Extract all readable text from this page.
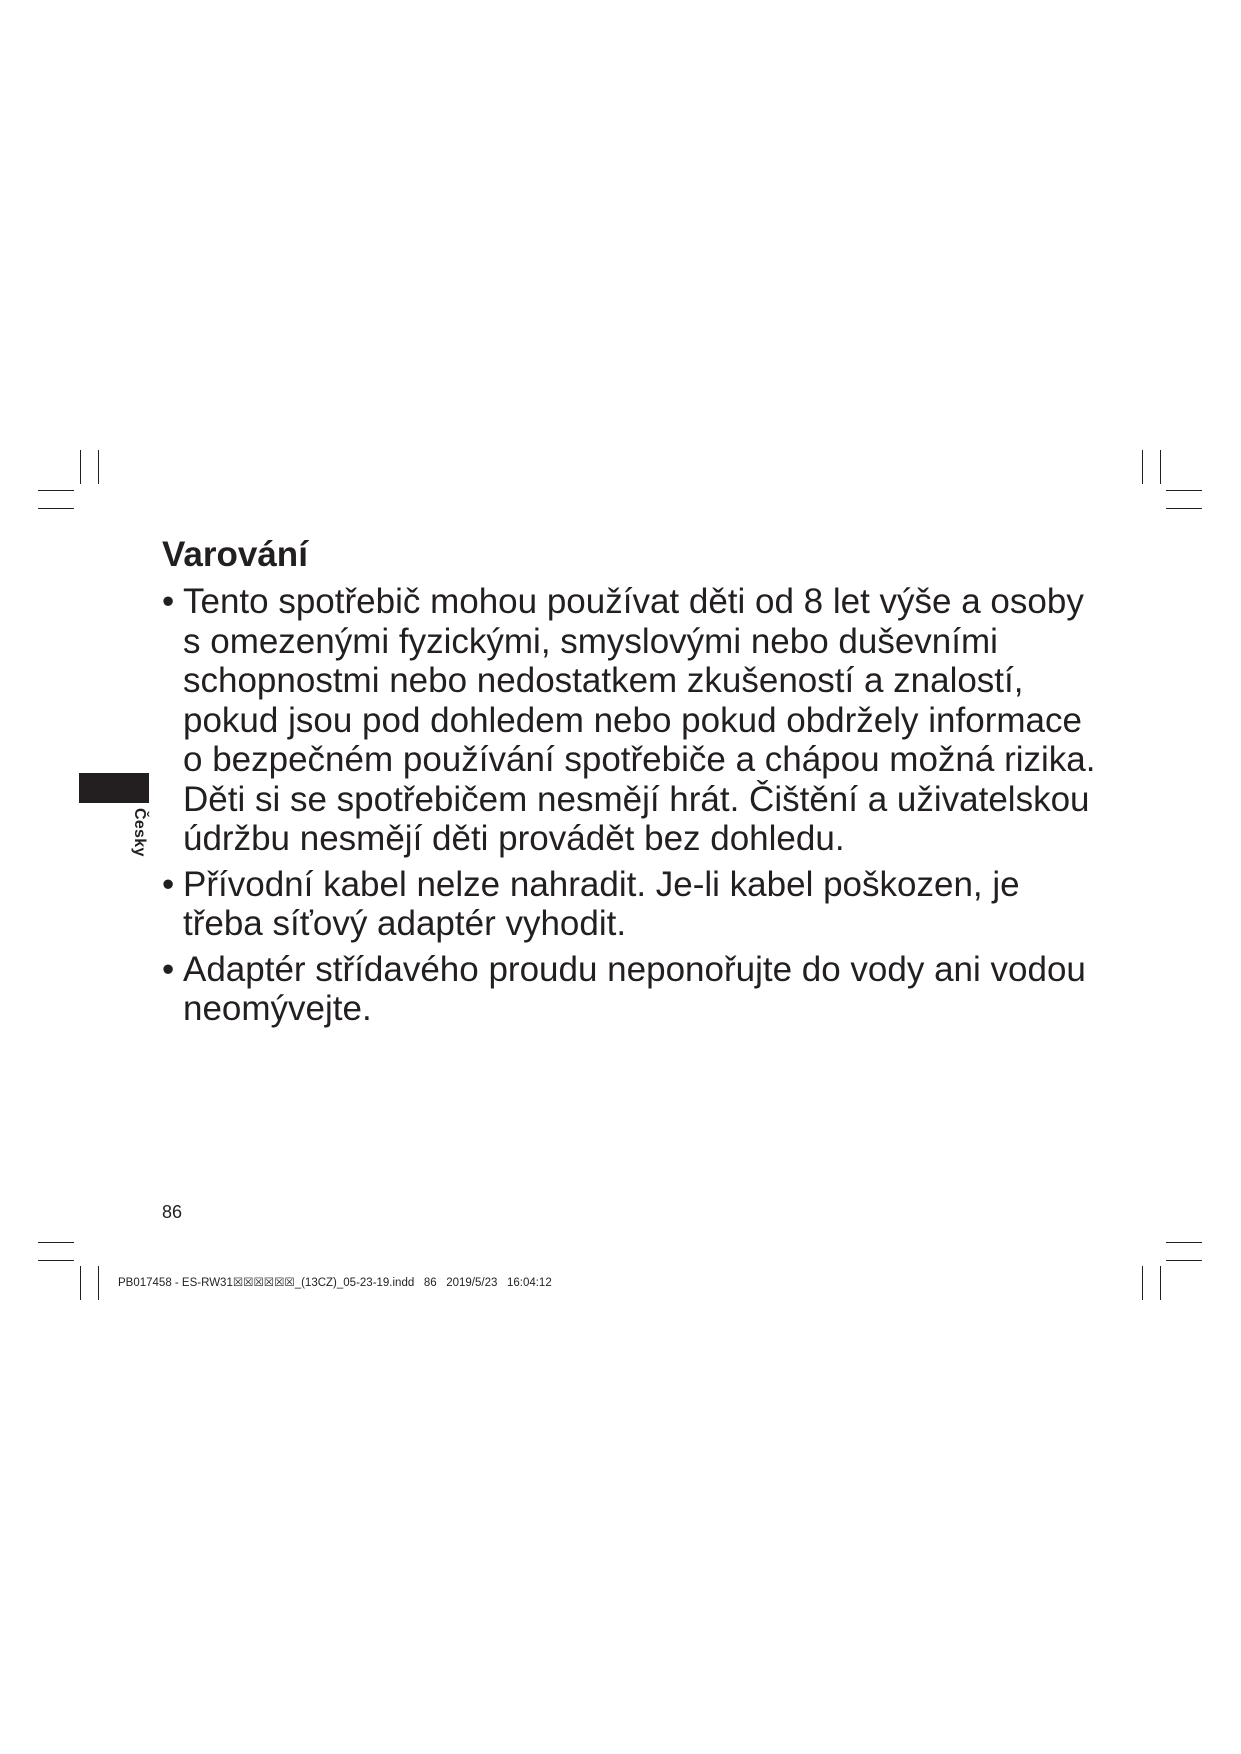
Česky
Varování
• Tento spotřebič mohou používat děti od 8 let výše a osoby s omezenými fyzickými, smyslovými nebo duševními schopnostmi nebo nedostatkem zkušeností a znalostí, pokud jsou pod dohledem nebo pokud obdržely informace o bezpečném používání spotřebiče a chápou možná rizika. Děti si se spotřebičem nesmějí hrát. Čištění a uživatelskou údržbu nesmějí děti provádět bez dohledu.
• Přívodní kabel nelze nahradit. Je-li kabel poškozen, je třeba síťový adaptér vyhodit.
• Adaptér střídavého proudu neponořujte do vody ani vodou neomývejte.
86
PB017458 - ES-RW31☒☒☒☒☒☒_(13CZ)_05-23-19.indd   86   2019/5/23   16:04:12
